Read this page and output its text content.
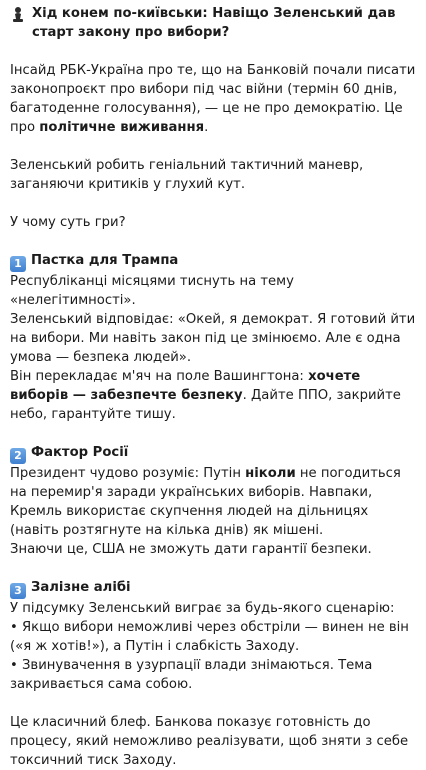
Хід конем по-київськи: Навіщо Зеленський дав старт закону про вибори?
Інсайд РБК-Україна про те, що на Банковій почали писати законопроєкт про вибори під час війни (термін 60 днів, багатоденне голосування), — це не про демократію. Це про політичне виживання.
Зеленський робить геніальний тактичний маневр, заганяючи критиків у глухий кут.
У чому суть гри?
1 Пастка для Трампа
Республіканці місяцями тиснуть на тему «нелегітимності».
Зеленський відповідає: «Окей, я демократ. Я готовий йти на вибори. Ми навіть закон під це змінюємо. Але є одна умова — безпека людей».
Він перекладає м'яч на поле Вашингтона: хочете виборів — забезпечте безпеку. Дайте ППО, закрийте небо, гарантуйте тишу.
2 Фактор Росії
Президент чудово розуміє: Путін ніколи не погодиться на перемир'я заради українських виборів. Навпаки, Кремль використає скупчення людей на дільницях (навіть розтягнуте на кілька днів) як мішені.
Знаючи це, США не зможуть дати гарантії безпеки.
3 Залізне алібі
У підсумку Зеленський виграє за будь-якого сценарію:
• Якщо вибори неможливі через обстріли — винен не він («я ж хотів!»), а Путін і слабкість Заходу.
• Звинувачення в узурпації влади знімаються. Тема закривається сама собою.
Це класичний блеф. Банкова показує готовність до процесу, який неможливо реалізувати, щоб зняти з себе токсичний тиск Заходу.
